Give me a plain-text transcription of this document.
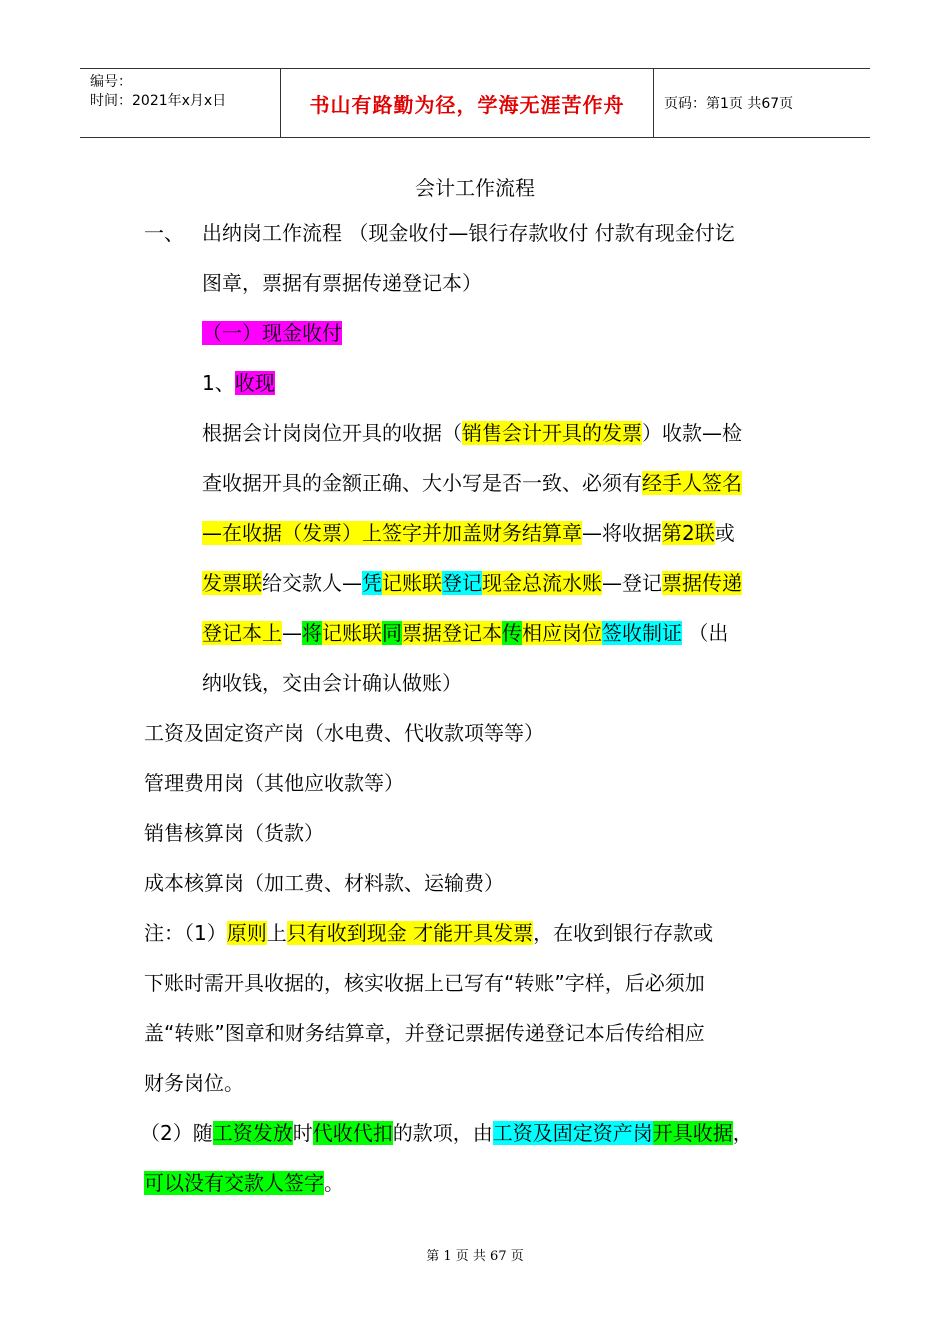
编号：
时间：2021年x月x日	书山有路勤为径，学海无涯苦作舟	页码：第1页 共67页
会计工作流程
一、 出纳岗工作流程 （现金收付—银行存款收付 付款有现金付讫
图章，票据有票据传递登记本）
（一）现金收付
1、收现
根据会计岗岗位开具的收据（销售会计开具的发票）收款—检
查收据开具的金额正确、大小写是否一致、必须有经手人签名
—在收据（发票）上签字并加盖财务结算章—将收据第2联或
发票联给交款人—凭记账联登记现金总流水账—登记票据传递
登记本上—将记账联同票据登记本传相应岗位签收制证 （出
纳收钱，交由会计确认做账）
工资及固定资产岗（水电费、代收款项等等）
管理费用岗（其他应收款等）
销售核算岗（货款）
成本核算岗（加工费、材料款、运输费）
注：（1）原则上只有收到现金 才能开具发票，在收到银行存款或
下账时需开具收据的，核实收据上已写有“转账”字样，后必须加
盖“转账”图章和财务结算章，并登记票据传递登记本后传给相应
财务岗位。
（2）随工资发放时代收代扣的款项，由工资及固定资产岗开具收据，
可以没有交款人签字。
第 1 页 共 67 页
